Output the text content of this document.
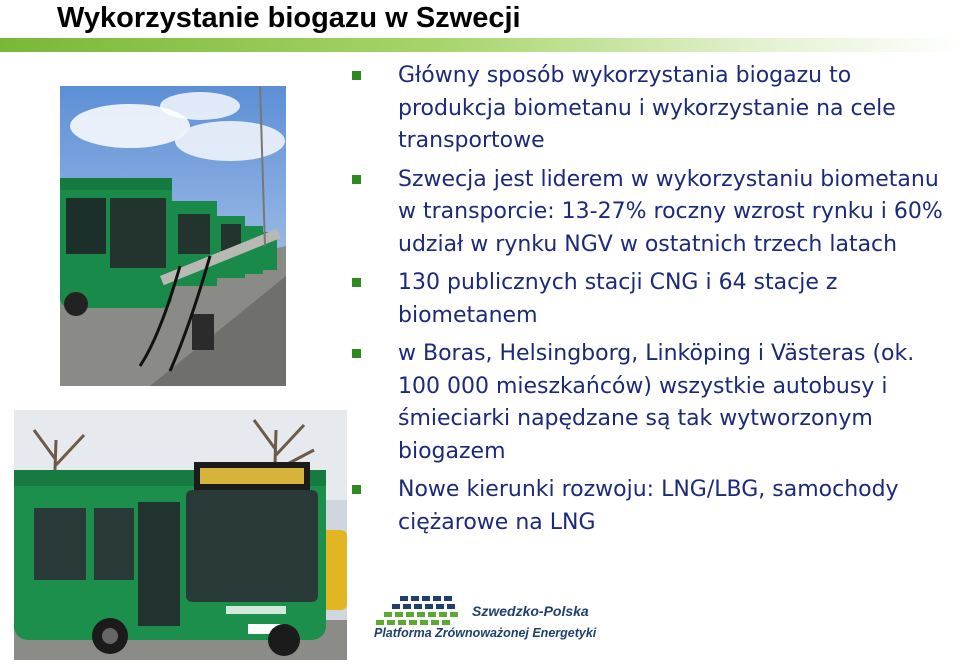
Wykorzystanie biogazu w Szwecji
Główny sposób wykorzystania biogazu to produkcja biometanu i wykorzystanie na cele transportowe
Szwecja jest liderem w wykorzystaniu biometanu w transporcie: 13-27% roczny wzrost rynku i 60% udział w rynku NGV w ostatnich trzech latach
130 publicznych stacji CNG i 64 stacje z biometanem
w Boras, Helsingborg, Linköping i Västeras (ok. 100 000 mieszkańców) wszystkie autobusy i śmieciarki napędzane są tak wytworzonym biogazem
Nowe kierunki rozwoju: LNG/LBG, samochody ciężarowe na LNG
Szwedzko-Polska
Platforma Zrównoważonej Energetyki
